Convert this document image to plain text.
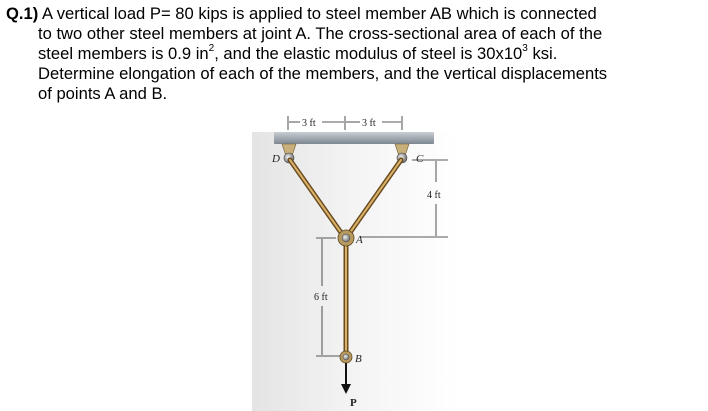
Q.1) A vertical load P= 80 kips is applied to steel member AB which is connected
to two other steel members at joint A. The cross-sectional area of each of the
steel members is 0.9 $in^2$, and the elastic modulus of steel is $30x10^3$ ksi.
Determine elongation of each of the members, and the vertical displacements
of points A and B.
3 ft	3 ft
D	C
A
4 ft
6 ft
B
P
